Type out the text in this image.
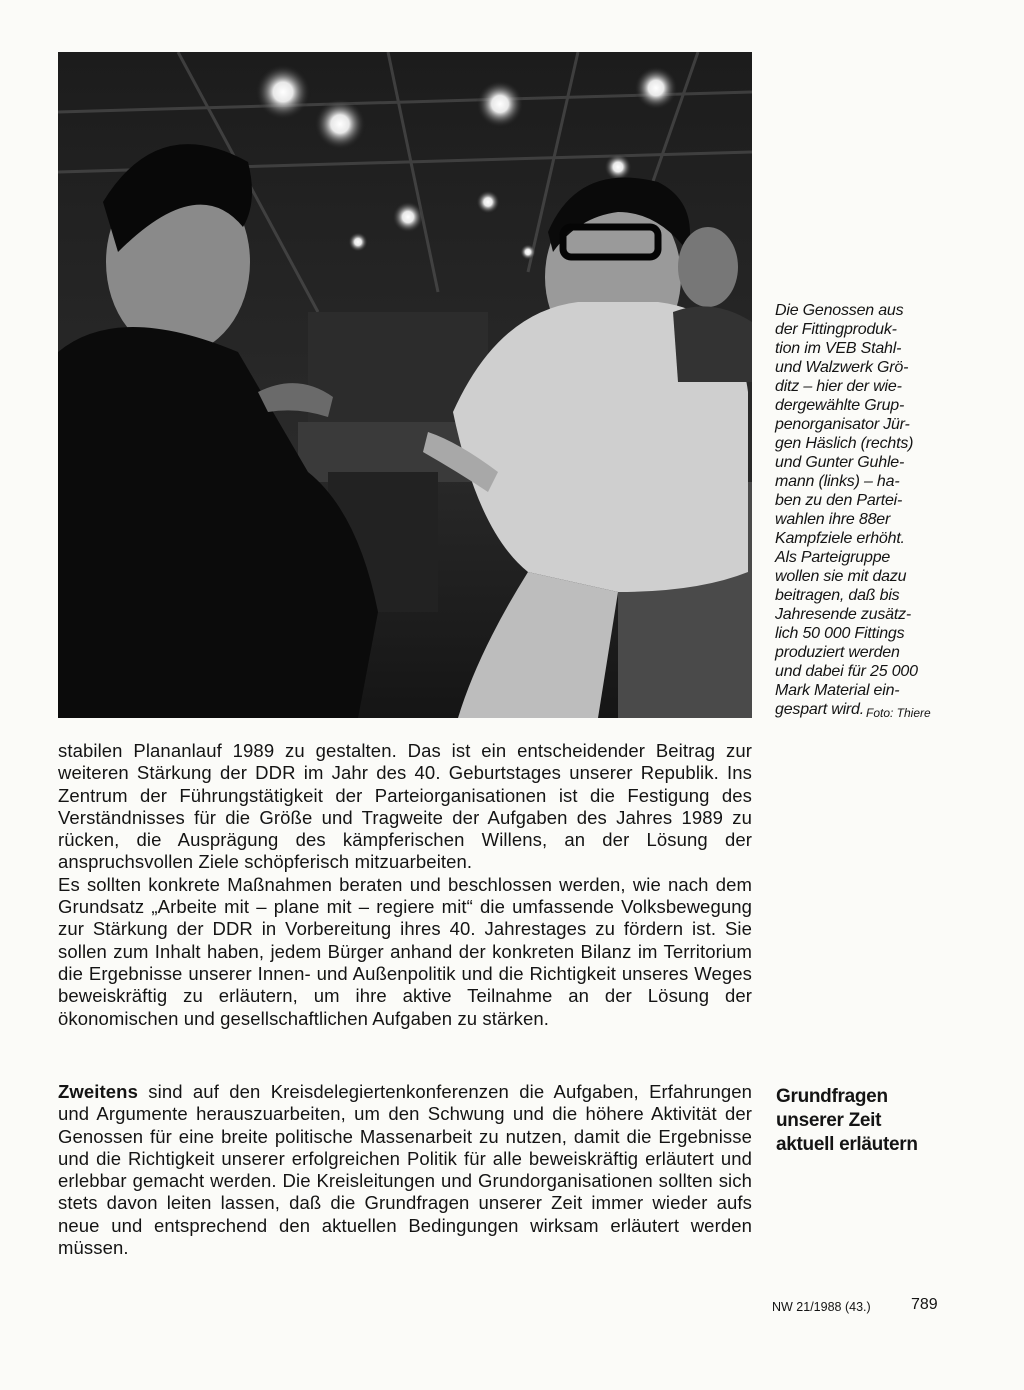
Die Genossen aus

der Fittingproduk-

tion im VEB Stahl-

und Walzwerk Grö-

ditz – hier der wie-

dergewählte Grup-

penorganisator Jür-

gen Häslich (rechts)

und Gunter Guhle-

mann (links) – ha-

ben zu den Partei-

wahlen ihre 88er

Kampfziele erhöht.

Als Parteigruppe

wollen sie mit dazu

beitragen, daß bis

Jahresende zusätz-

lich 50 000 Fittings

produziert werden

und dabei für 25 000

Mark Material ein-

gespart wird. Foto: Thiere

stabilen Plananlauf 1989 zu gestalten. Das ist ein entscheidender Beitrag zur weiteren Stärkung der DDR im Jahr des 40. Geburtstages unserer Republik. Ins Zentrum der Führungstätigkeit der Parteiorganisationen ist die Festigung des Verständnisses für die Größe und Tragweite der Aufgaben des Jahres 1989 zu rücken, die Ausprägung des kämpferischen Willens, an der Lösung der anspruchsvollen Ziele schöpferisch mitzuarbeiten.

Es sollten konkrete Maßnahmen beraten und beschlossen werden, wie nach dem Grundsatz „Arbeite mit – plane mit – regiere mit“ die umfassende Volksbewegung zur Stärkung der DDR in Vorbereitung ihres 40. Jahrestages zu fördern ist. Sie sollen zum Inhalt haben, jedem Bürger anhand der konkreten Bilanz im Territorium die Ergebnisse unserer Innen- und Außenpolitik und die Richtigkeit unseres Weges beweiskräftig zu erläutern, um ihre aktive Teilnahme an der Lösung der ökonomischen und gesellschaftlichen Aufgaben zu stärken.

Zweitens sind auf den Kreisdelegiertenkonferenzen die Aufgaben, Erfahrungen und Argumente herauszuarbeiten, um den Schwung und die höhere Aktivität der Genossen für eine breite politische Massenarbeit zu nutzen, damit die Ergebnisse und die Richtigkeit unserer erfolgreichen Politik für alle beweiskräftig erläutert und erlebbar gemacht werden. Die Kreisleitungen und Grundorganisationen sollten sich stets davon leiten lassen, daß die Grundfragen unserer Zeit immer wieder aufs neue und entsprechend den aktuellen Bedingungen wirksam erläutert werden müssen.

Grundfragen
unserer Zeit
aktuell erläutern
NW 21/1988 (43.)	789
